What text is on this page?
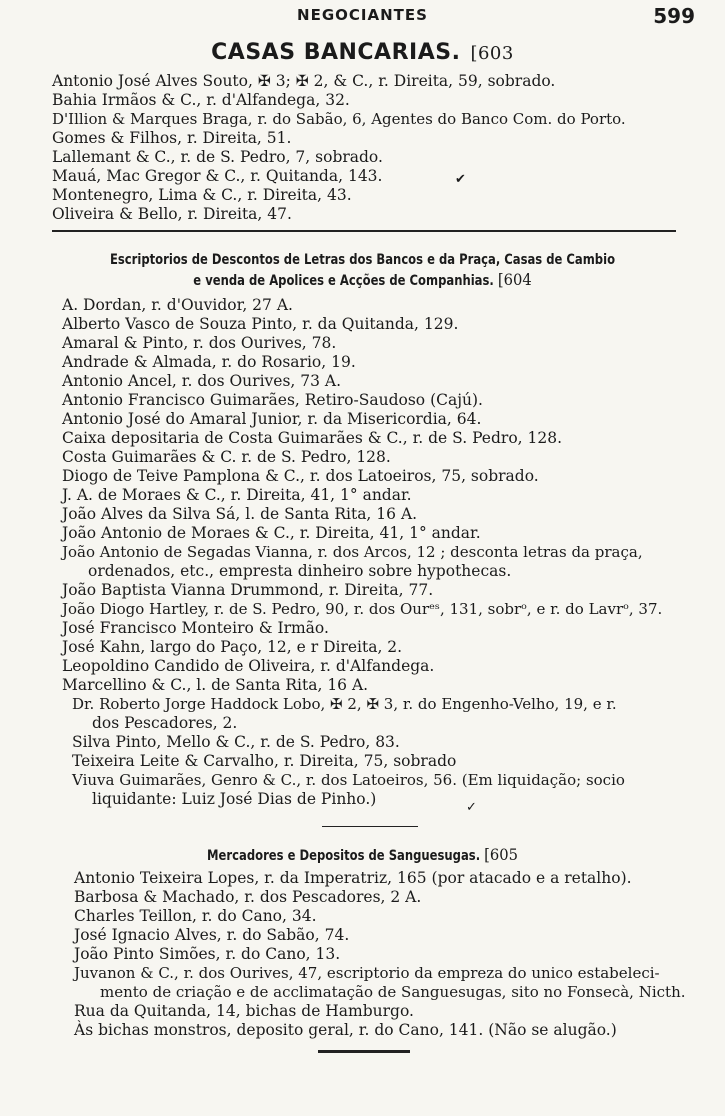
NEGOCIANTES	599
CASAS BANCARIAS. [603
Antonio José Alves Souto, ✠ 3; ✠ 2, & C., r. Direita, 59, sobrado.
Bahia Irmãos & C., r. d'Alfandega, 32.
D'Illion & Marques Braga, r. do Sabão, 6, Agentes do Banco Com. do Porto.
Gomes & Filhos, r. Direita, 51.
Lallemant & C., r. de S. Pedro, 7, sobrado.
Mauá, Mac Gregor & C., r. Quitanda, 143.	✔
Montenegro, Lima & C., r. Direita, 43.
Oliveira & Bello, r. Direita, 47.
Escriptorios de Descontos de Letras dos Bancos e da Praça, Casas de Cambio
e venda de Apolices e Acções de Companhias. [604
A. Dordan, r. d'Ouvidor, 27 A.
Alberto Vasco de Souza Pinto, r. da Quitanda, 129.
Amaral & Pinto, r. dos Ourives, 78.
Andrade & Almada, r. do Rosario, 19.
Antonio Ancel, r. dos Ourives, 73 A.
Antonio Francisco Guimarães, Retiro-Saudoso (Cajú).
Antonio José do Amaral Junior, r. da Misericordia, 64.
Caixa depositaria de Costa Guimarães & C., r. de S. Pedro, 128.
Costa Guimarães & C. r. de S. Pedro, 128.
Diogo de Teive Pamplona & C., r. dos Latoeiros, 75, sobrado.
J. A. de Moraes & C., r. Direita, 41, 1° andar.
João Alves da Silva Sá, l. de Santa Rita, 16 A.
João Antonio de Moraes & C., r. Direita, 41, 1° andar.
João Antonio de Segadas Vianna, r. dos Arcos, 12 ; desconta letras da praça,
ordenados, etc., empresta dinheiro sobre hypothecas.
João Baptista Vianna Drummond, r. Direita, 77.
João Diogo Hartley, r. de S. Pedro, 90, r. dos Ourᵉˢ, 131, sobrᵒ, e r. do Lavrᵒ, 37.
José Francisco Monteiro & Irmão.
José Kahn, largo do Paço, 12, e r Direita, 2.
Leopoldino Candido de Oliveira, r. d'Alfandega.
Marcellino & C., l. de Santa Rita, 16 A.
Dr. Roberto Jorge Haddock Lobo, ✠ 2, ✠ 3, r. do Engenho-Velho, 19, e r.
dos Pescadores, 2.
Silva Pinto, Mello & C., r. de S. Pedro, 83.
Teixeira Leite & Carvalho, r. Direita, 75, sobrado
Viuva Guimarães, Genro & C., r. dos Latoeiros, 56. (Em liquidação; socio
liquidante: Luiz José Dias de Pinho.)	✓
Mercadores e Depositos de Sanguesugas. [605
Antonio Teixeira Lopes, r. da Imperatriz, 165 (por atacado e a retalho).
Barbosa & Machado, r. dos Pescadores, 2 A.
Charles Teillon, r. do Cano, 34.
José Ignacio Alves, r. do Sabão, 74.
João Pinto Simões, r. do Cano, 13.
Juvanon & C., r. dos Ourives, 47, escriptorio da empreza do unico estabeleci-
mento de criação e de acclimatação de Sanguesugas, sito no Fonsecà, Nicth.
Rua da Quitanda, 14, bichas de Hamburgo.
Às bichas monstros, deposito geral, r. do Cano, 141. (Não se alugão.)
